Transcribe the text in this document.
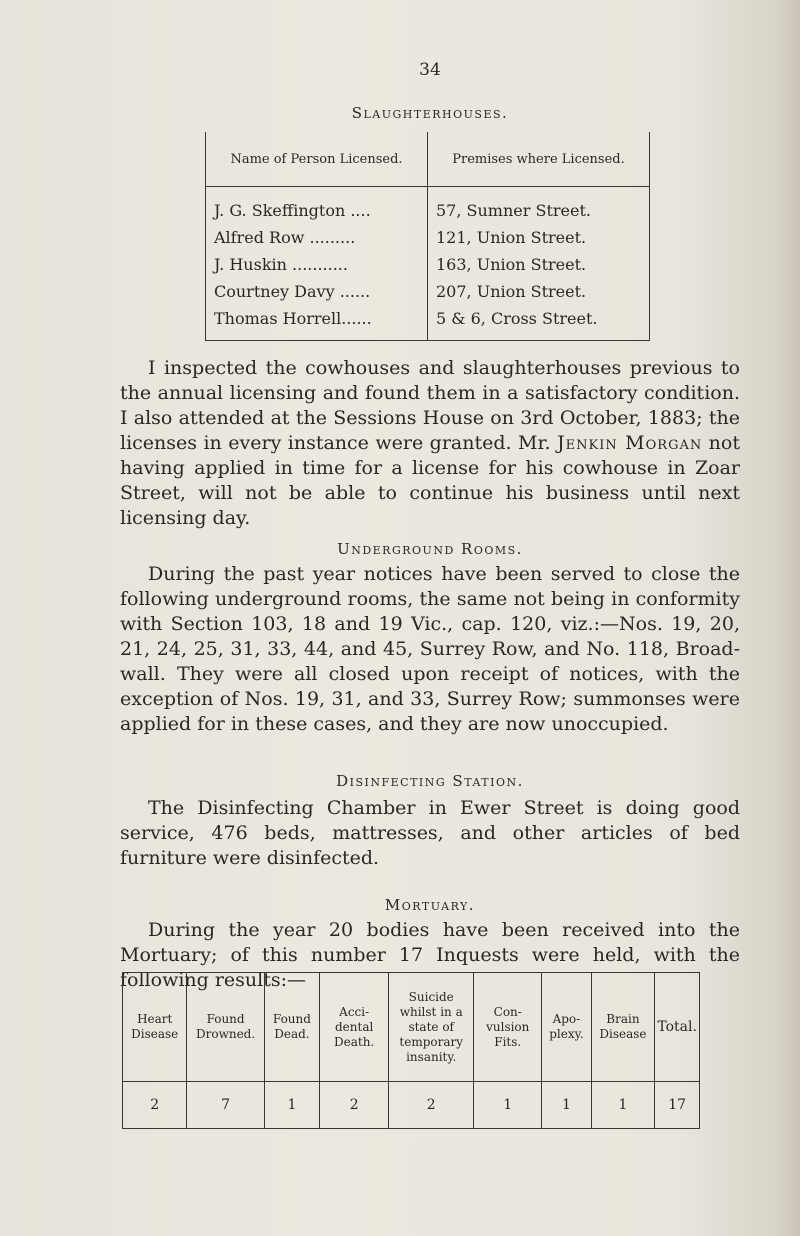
34
Slaughterhouses.
Name of Person Licensed.	Premises where Licensed.
J. G. Skeffington ....	57, Sumner Street.
Alfred Row .........	121, Union Street.
J. Huskin ...........	163, Union Street.
Courtney Davy ......	207, Union Street.
Thomas Horrell......	5 & 6, Cross Street.

I inspected the cowhouses and slaughterhouses previous to the annual licensing and found them in a satisfactory condition. I also attended at the Sessions House on 3rd October, 1883; the licenses in every instance were granted. Mr. Jenkin Morgan not having applied in time for a license for his cowhouse in Zoar Street, will not be able to continue his business until next licensing day.

Underground Rooms.

During the past year notices have been served to close the following underground rooms, the same not being in conformity with Section 103, 18 and 19 Vic., cap. 120, viz.:—Nos. 19, 20, 21, 24, 25, 31, 33, 44, and 45, Surrey Row, and No. 118, Broad- wall. They were all closed upon receipt of notices, with the exception of Nos. 19, 31, and 33, Surrey Row; summonses were applied for in these cases, and they are now unoccupied.

Disinfecting Station.

The Disinfecting Chamber in Ewer Street is doing good service, 476 beds, mattresses, and other articles of bed furniture were disinfected.

Mortuary.

During the year 20 bodies have been received into the Mortuary; of this number 17 Inquests were held, with the following results:—

Heart Disease	Found Drowned.	Found Dead.	Acci- dental Death.	Suicide whilst in a state of temporary insanity.	Con- vulsion Fits.	Apo- plexy.	Brain Disease	Total.
2	7	1	2	2	1	1	1	17
